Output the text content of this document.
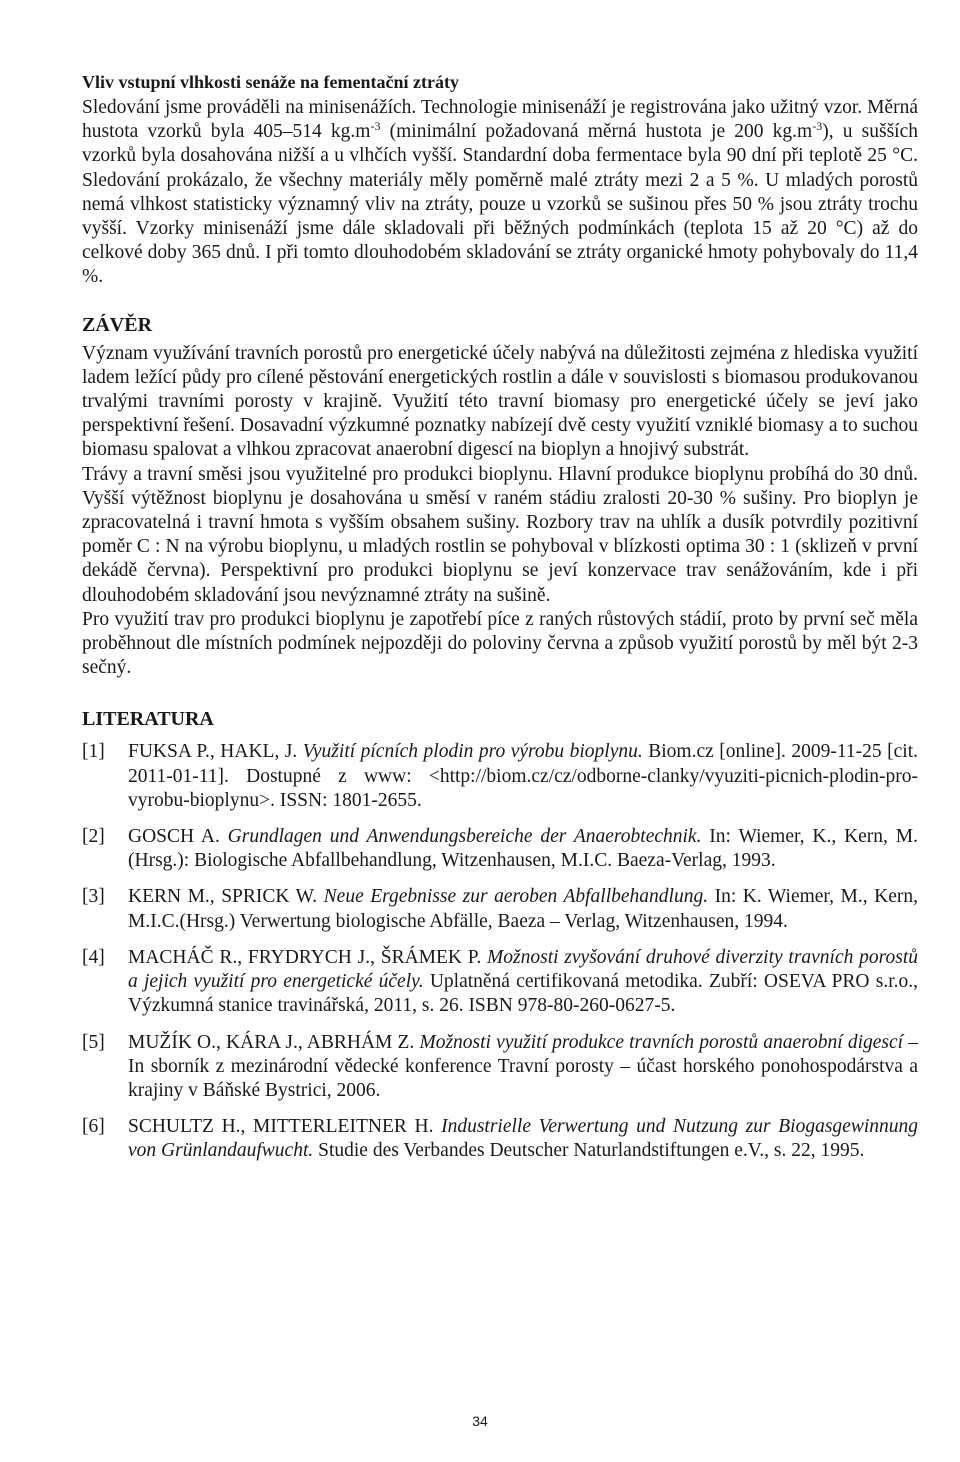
Vliv vstupní vlhkosti senáže na fementační ztráty

Sledování jsme prováděli na minisenážích. Technologie minisenáží je registrována jako užitný vzor. Měrná hustota vzorků byla 405–514 $kg.m^{-3}$ (minimální požadovaná měrná hustota je 200 $kg.m^{-3}$), u sušších vzorků byla dosahována nižší a u vlhčích vyšší. Standardní doba fermentace byla 90 dní při teplotě 25 °C. Sledování prokázalo, že všechny materiály měly poměrně malé ztráty mezi 2 a 5 %. U mladých porostů nemá vlhkost statisticky významný vliv na ztráty, pouze u vzorků se sušinou přes 50 % jsou ztráty trochu vyšší. Vzorky minisenáží jsme dále skladovali při běžných podmínkách (teplota 15 až 20 °C) až do celkové doby 365 dnů. I při tomto dlouhodobém skladování se ztráty organické hmoty pohybovaly do 11,4 %.

ZÁVĚR

Význam využívání travních porostů pro energetické účely nabývá na důležitosti zejména z hlediska využití ladem ležící půdy pro cílené pěstování energetických rostlin a dále v souvislosti s biomasou produkovanou trvalými travními porosty v krajině. Využití této travní biomasy pro energetické účely se jeví jako perspektivní řešení. Dosavadní výzkumné poznatky nabízejí dvě cesty využití vzniklé biomasy a to suchou biomasu spalovat a vlhkou zpracovat anaerobní digescí na bioplyn a hnojivý substrát.

Trávy a travní směsi jsou využitelné pro produkci bioplynu. Hlavní produkce bioplynu probíhá do 30 dnů. Vyšší výtěžnost bioplynu je dosahována u směsí v raném stádiu zralosti 20-30 % sušiny. Pro bioplyn je zpracovatelná i travní hmota s vyšším obsahem sušiny. Rozbory trav na uhlík a dusík potvrdily pozitivní poměr C : N na výrobu bioplynu, u mladých rostlin se pohyboval v blízkosti optima 30 : 1 (sklizeň v první dekádě června). Perspektivní pro produkci bioplynu se jeví konzervace trav senážováním, kde i při dlouhodobém skladování jsou nevýznamné ztráty na sušině.

Pro využití trav pro produkci bioplynu je zapotřebí píce z raných růstových stádií, proto by první seč měla proběhnout dle místních podmínek nejpozději do poloviny června a způsob využití porostů by měl být 2-3 sečný.

LITERATURA
[1]	FUKSA P., HAKL, J. Využití pícních plodin pro výrobu bioplynu. Biom.cz [online]. 2009-11-25 [cit. 2011-01-11]. Dostupné z www: <http://biom.cz/cz/odborne-clanky/vyuziti-picnich-plodin-pro-vyrobu-bioplynu>. ISSN: 1801-2655.
[2]	GOSCH A. Grundlagen und Anwendungsbereiche der Anaerobtechnik. In: Wiemer, K., Kern, M. (Hrsg.): Biologische Abfallbehandlung, Witzenhausen, M.I.C. Baeza-Verlag, 1993.
[3]	KERN M., SPRICK W. Neue Ergebnisse zur aeroben Abfallbehandlung. In: K. Wiemer, M., Kern, M.I.C.(Hrsg.) Verwertung biologische Abfälle, Baeza – Verlag, Witzenhausen, 1994.
[4]	MACHÁČ R., FRYDRYCH J., ŠRÁMEK P. Možnosti zvyšování druhové diverzity travních porostů a jejich využití pro energetické účely. Uplatněná certifikovaná metodika. Zubří: OSEVA PRO s.r.o., Výzkumná stanice travinářská, 2011, s. 26. ISBN 978-80-260-0627-5.
[5]	MUŽÍK O., KÁRA J., ABRHÁM Z. Možnosti využití produkce travních porostů anaerobní digescí – In sborník z mezinárodní vědecké konference Travní porosty – účast horského ponohospodárstva a krajiny v Báňské Bystrici, 2006.
[6]	SCHULTZ H., MITTERLEITNER H. Industrielle Verwertung und Nutzung zur Biogasgewinnung von Grünlandaufwucht. Studie des Verbandes Deutscher Naturlandstiftungen e.V., s. 22, 1995.
34
